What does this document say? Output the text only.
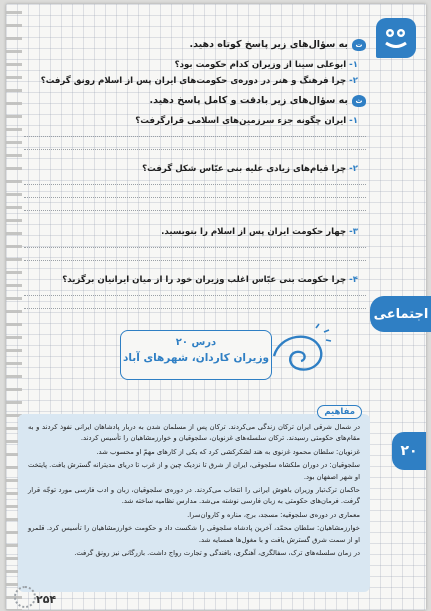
اجتماعی
۲۰
ت
به سؤال‌های زیر پاسخ کوتاه دهید.
۱- ابوعلی سینا از وزیران کدام حکومت بود؟
۲- چرا فرهنگ و هنر در دوره‌ی حکومت‌های ایران پس از اسلام رونق گرفت؟
ث
به سؤال‌های زیر بادقت و کامل پاسخ دهید.
۱- ایران چگونه جزء سرزمین‌های اسلامی قرارگرفت؟
۲- چرا قیام‌های زیادی علیه بنی عبّاس شکل گرفت؟
۳- چهار حکومت ایران پس از اسلام را بنویسید.
۴- چرا حکومت بنی عبّاس اغلب وزیران خود را از میان ایرانیان برگزید؟
درس ۲۰
وزیران کاردان، شهرهای آباد
مفاهیم

در شمال شرقی ایران ترکان زندگی می‌کردند. ترکان پس از مسلمان شدن به دربار پادشاهان ایرانی نفوذ کردند و به مقام‌های حکومتی رسیدند. ترکان سلسله‌های غزنویان، سلجوقیان و خوارزمشاهیان را تأسیس کردند.

غزنویان: سلطان محمود غزنوی به هند لشکرکشی کرد که یکی از کارهای مهمّ او محسوب شد.

سلجوقیان: در دوران ملکشاه سلجوقی، ایران از شرق تا نزدیک چین و از غرب تا دریای مدیترانه گسترش یافت. پایتخت او شهر اصفهان بود.

حاکمان ترک‌تبار وزیران باهوش ایرانی را انتخاب می‌کردند. در دوره‌ی سلجوقیان، زبان و ادب فارسی مورد توجّه قرار گرفت. فرمان‌های حکومتی به زبان فارسی نوشته می‌شد. مدارس نظامیه ساخته شد.

معماری در دوره‌ی سلجوقیه: مسجد، برج، مناره و کاروان‌سرا.

خوارزمشاهیان: سلطان محمّد، آخرین پادشاه سلجوقی را شکست داد و حکومت خوارزمشاهیان را تأسیس کرد. قلمرو او از سمت شرق گسترش یافت و با مغول‌ها همسایه شد.

در زمان سلسله‌های ترک، سفالگری، آهنگری، بافندگی و تجارت رواج داشت. بازرگانی نیز رونق گرفت.

۲۵۴
